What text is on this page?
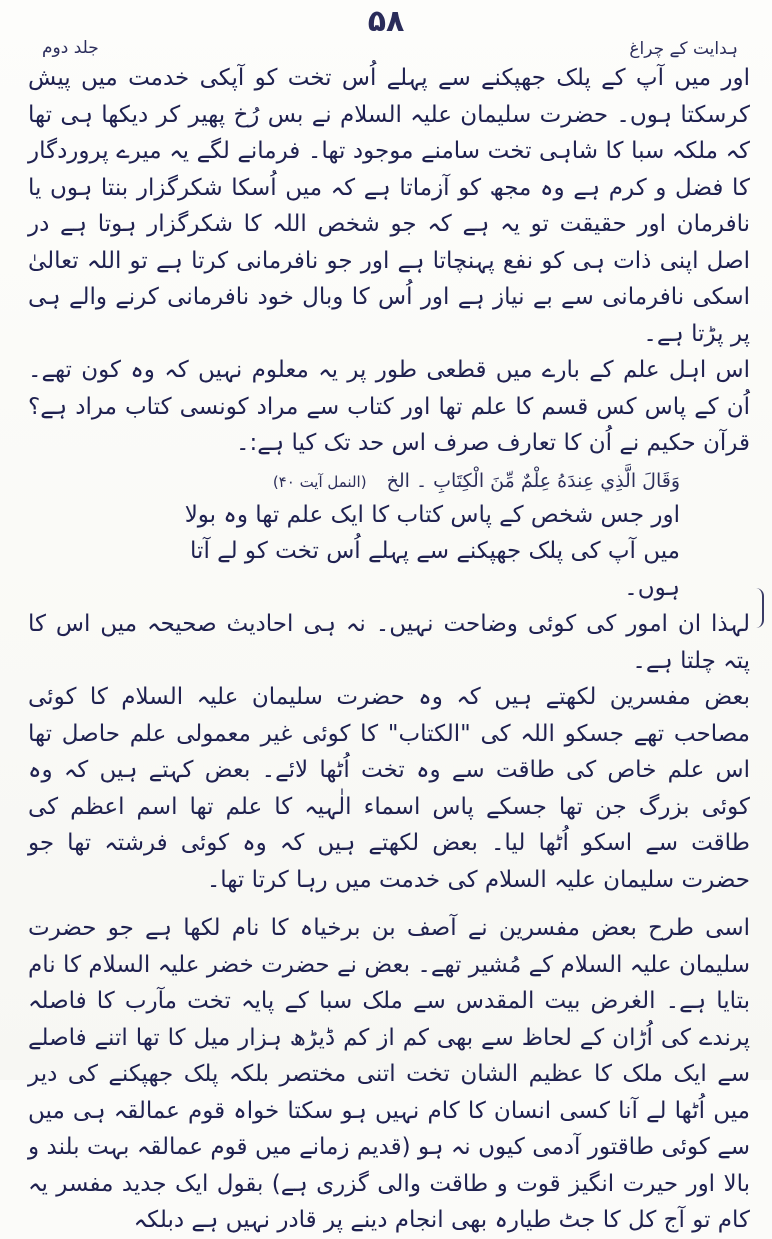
۵۸
ہدایت کے چراغ
جلد دوم

اور میں آپ کے پلک جھپکنے سے پہلے اُس تخت کو آپکی خدمت میں پیش کرسکتا ہوں۔ حضرت سلیمان علیہ السلام نے بس رُخ پھیر کر دیکھا ہی تھا کہ ملکہ سبا کا شاہی تخت سامنے موجود تھا۔ فرمانے لگے یہ میرے پروردگار کا فضل و کرم ہے وہ مجھ کو آزماتا ہے کہ میں اُسکا شکرگزار بنتا ہوں یا نافرمان اور حقیقت تو یہ ہے کہ جو شخص اللہ کا شکرگزار ہوتا ہے در اصل اپنی ذات ہی کو نفع پہنچاتا ہے اور جو نافرمانی کرتا ہے تو اللہ تعالیٰ اسکی نافرمانی سے بے نیاز ہے اور اُس کا وبال خود نافرمانی کرنے والے ہی پر پڑتا ہے۔

اس اہل علم کے بارے میں قطعی طور پر یہ معلوم نہیں کہ وہ کون تھے۔ اُن کے پاس کس قسم کا علم تھا اور کتاب سے مراد کونسی کتاب مراد ہے؟ قرآن حکیم نے اُن کا تعارف صرف اس حد تک کیا ہے:۔

وَقَالَ الَّذِي عِندَهُ عِلْمٌ مِّنَ الْكِتَابِ ۔ الخ (النمل آیت ۴۰)

اور جس شخص کے پاس کتاب کا ایک علم تھا وہ بولا میں آپ کی پلک جھپکنے سے پہلے اُس تخت کو لے آتا ہوں۔

لہذا ان امور کی کوئی وضاحت نہیں۔ نہ ہی احادیث صحیحہ میں اس کا پتہ چلتا ہے۔

بعض مفسرین لکھتے ہیں کہ وہ حضرت سلیمان علیہ السلام کا کوئی مصاحب تھے جسکو اللہ کی "الکتاب" کا کوئی غیر معمولی علم حاصل تھا اس علم خاص کی طاقت سے وہ تخت اُٹھا لائے۔ بعض کہتے ہیں کہ وہ کوئی بزرگ جن تھا جسکے پاس اسماء الٰہیہ کا علم تھا اسم اعظم کی طاقت سے اسکو اُٹھا لیا۔ بعض لکھتے ہیں کہ وہ کوئی فرشتہ تھا جو حضرت سلیمان علیہ السلام کی خدمت میں رہا کرتا تھا۔

اسی طرح بعض مفسرین نے آصف بن برخیاہ کا نام لکھا ہے جو حضرت سلیمان علیہ السلام کے مُشیر تھے۔ بعض نے حضرت خضر علیہ السلام کا نام بتایا ہے۔ الغرض بیت المقدس سے ملک سبا کے پایہ تخت مآرب کا فاصلہ پرندے کی اُڑان کے لحاظ سے بھی کم از کم ڈیڑھ ہزار میل کا تھا اتنے فاصلے سے ایک ملک کا عظیم الشان تخت اتنی مختصر بلکہ پلک جھپکنے کی دیر میں اُٹھا لے آنا کسی انسان کا کام نہیں ہو سکتا خواہ قوم عمالقہ ہی میں سے کوئی طاقتور آدمی کیوں نہ ہو (قدیم زمانے میں قوم عمالقہ بہت بلند و بالا اور حیرت انگیز قوت و طاقت والی گزری ہے) بقول ایک جدید مفسر یہ کام تو آج کل کا جٹ طیارہ بھی انجام دینے پر قادر نہیں ہے دبلکہ
